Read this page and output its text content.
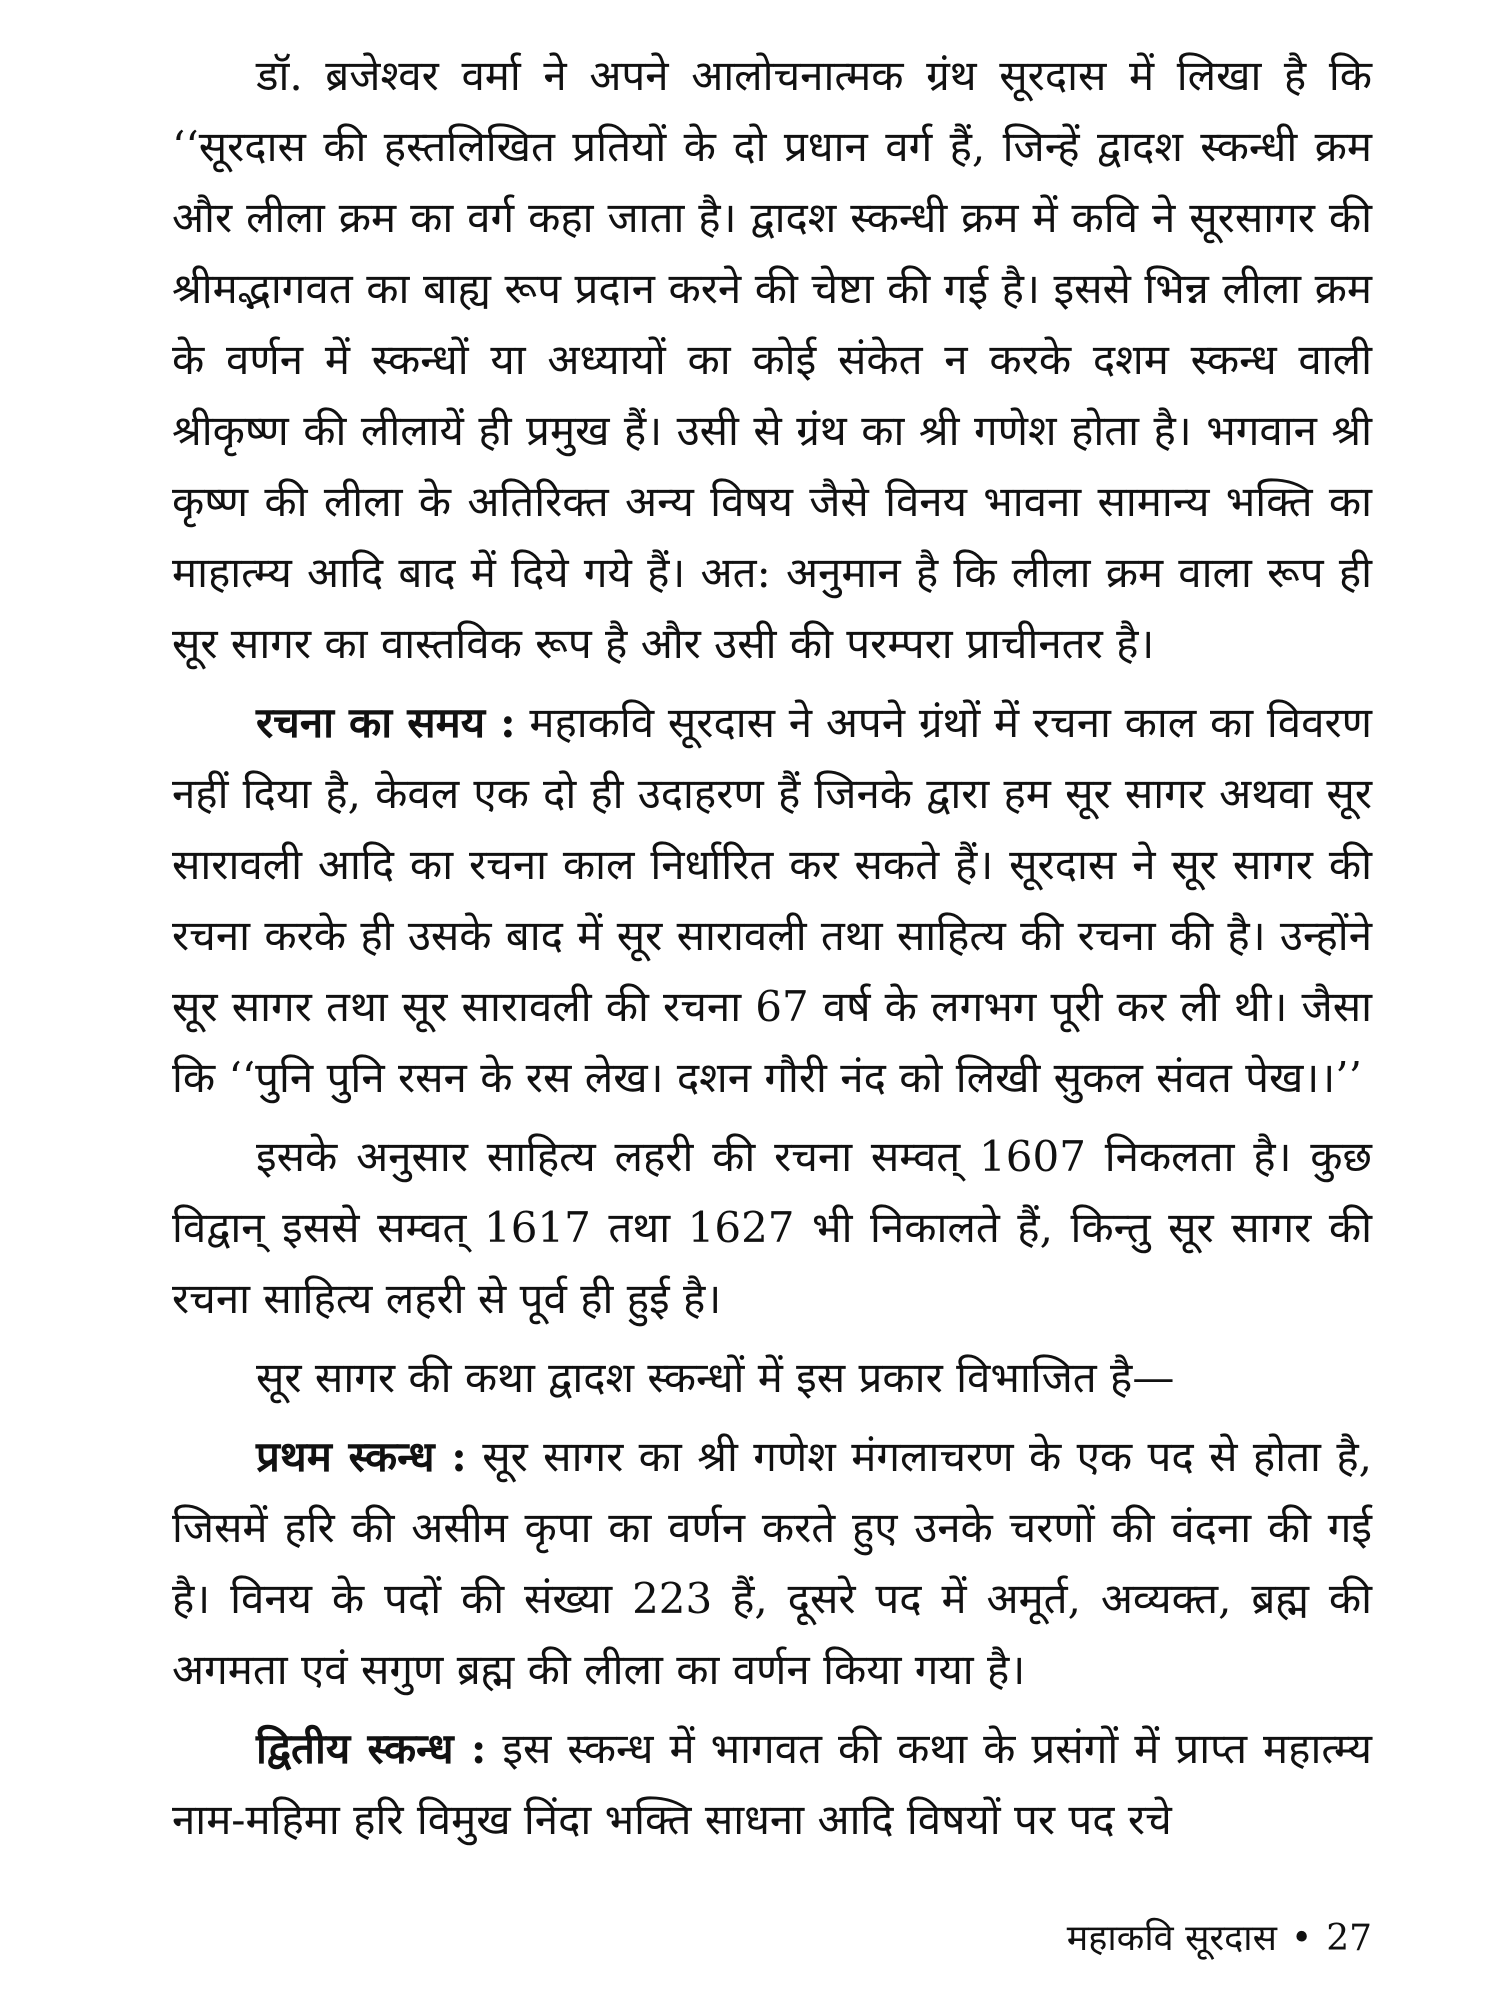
डॉ. ब्रजेश्वर वर्मा ने अपने आलोचनात्मक ग्रंथ सूरदास में लिखा है कि ‘‘सूरदास की हस्तलिखित प्रतियों के दो प्रधान वर्ग हैं, जिन्हें द्वादश स्कन्धी क्रम और लीला क्रम का वर्ग कहा जाता है। द्वादश स्कन्धी क्रम में कवि ने सूरसागर की श्रीमद्भागवत का बाह्य रूप प्रदान करने की चेष्टा की गई है। इससे भिन्न लीला क्रम के वर्णन में स्कन्धों या अध्यायों का कोई संकेत न करके दशम स्कन्ध वाली श्रीकृष्ण की लीलायें ही प्रमुख हैं। उसी से ग्रंथ का श्री गणेश होता है। भगवान श्री कृष्ण की लीला के अतिरिक्त अन्य विषय जैसे विनय भावना सामान्य भक्ति का माहात्म्य आदि बाद में दिये गये हैं। अत: अनुमान है कि लीला क्रम वाला रूप ही सूर सागर का वास्तविक रूप है और उसी की परम्परा प्राचीनतर है।

रचना का समय : महाकवि सूरदास ने अपने ग्रंथों में रचना काल का विवरण नहीं दिया है, केवल एक दो ही उदाहरण हैं जिनके द्वारा हम सूर सागर अथवा सूर सारावली आदि का रचना काल निर्धारित कर सकते हैं। सूरदास ने सूर सागर की रचना करके ही उसके बाद में सूर सारावली तथा साहित्य की रचना की है। उन्होंने सूर सागर तथा सूर सारावली की रचना 67 वर्ष के लगभग पूरी कर ली थी। जैसा कि ‘‘पुनि पुनि रसन के रस लेख। दशन गौरी नंद को लिखी सुकल संवत पेख।।’’

इसके अनुसार साहित्य लहरी की रचना सम्वत् 1607 निकलता है। कुछ विद्वान् इससे सम्वत् 1617 तथा 1627 भी निकालते हैं, किन्तु सूर सागर की रचना साहित्य लहरी से पूर्व ही हुई है।

सूर सागर की कथा द्वादश स्कन्धों में इस प्रकार विभाजित है—

प्रथम स्कन्ध : सूर सागर का श्री गणेश मंगलाचरण के एक पद से होता है, जिसमें हरि की असीम कृपा का वर्णन करते हुए उनके चरणों की वंदना की गई है। विनय के पदों की संख्या 223 हैं, दूसरे पद में अमूर्त, अव्यक्त, ब्रह्म की अगमता एवं सगुण ब्रह्म की लीला का वर्णन किया गया है।

द्वितीय स्कन्ध : इस स्कन्ध में भागवत की कथा के प्रसंगों में प्राप्त महात्म्य नाम-महिमा हरि विमुख निंदा भक्ति साधना आदि विषयों पर पद रचे

महाकवि सूरदास • 27
